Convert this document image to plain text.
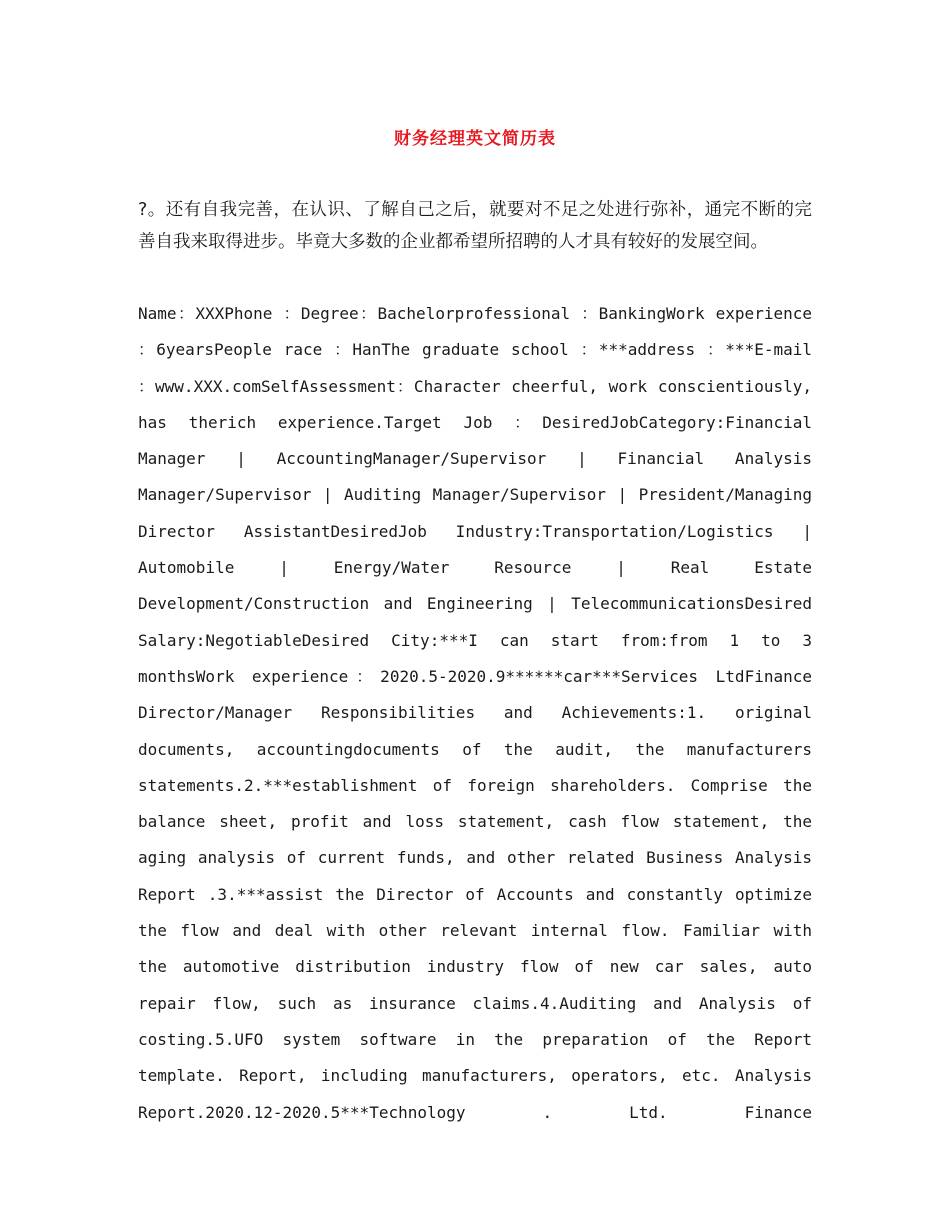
财务经理英文简历表
?。还有自我完善，在认识、了解自己之后，就要对不足之处进行弥补，通完不断的完善自我来取得进步。毕竟大多数的企业都希望所招聘的人才具有较好的发展空间。
Name：XXXPhone ：Degree：Bachelorprofessional ：BankingWork experience ：6yearsPeople race ：HanThe graduate school ：***address ：***E-mail ：www.XXX.comSelfAssessment：Character cheerful, work conscientiously, has therich experience.Target Job ：DesiredJobCategory:Financial Manager | AccountingManager/Supervisor | Financial Analysis Manager/Supervisor | Auditing Manager/Supervisor | President/Managing Director AssistantDesiredJob Industry:Transportation/Logistics | Automobile | Energy/Water Resource | Real Estate Development/Construction and Engineering | TelecommunicationsDesired Salary:NegotiableDesired City:***I can start from:from 1 to 3 monthsWork experience：2020.5-2020.9******car***Services LtdFinance Director/Manager Responsibilities and Achievements:1. original documents, accountingdocuments of the audit, the manufacturers statements.2.***establishment of foreign shareholders. Comprise the balance sheet, profit and loss statement, cash flow statement, the aging analysis of current funds, and other related Business Analysis Report .3.***assist the Director of Accounts and constantly optimize the flow and deal with other relevant internal flow. Familiar with the automotive distribution industry flow of new car sales, auto repair flow, such as insurance claims.4.Auditing and Analysis of costing.5.UFO system software in the preparation of the Report template. Report, including manufacturers, operators, etc. Analysis Report.2020.12-2020.5***Technology . Ltd. Finance
